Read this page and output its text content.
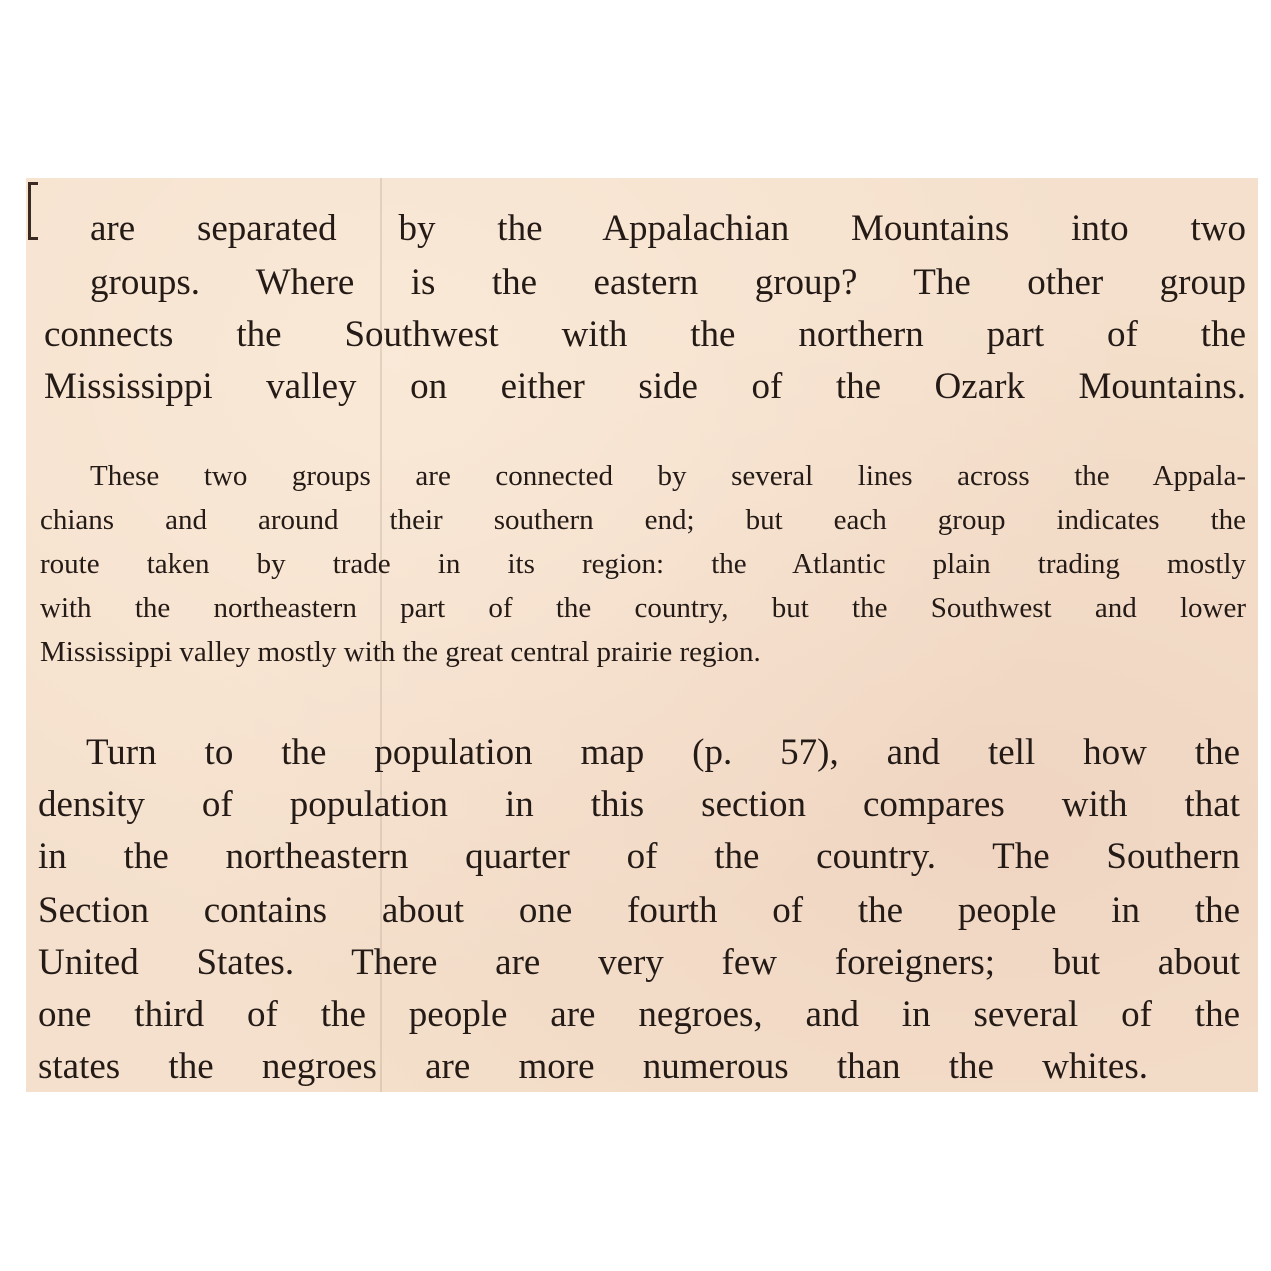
are separated by the Appalachian Mountains into two
groups. Where is the eastern group? The other group
connects the Southwest with the northern part of the
Mississippi valley on either side of the Ozark Mountains.
These two groups are connected by several lines across the Appala-
chians and around their southern end; but each group indicates the
route taken by trade in its region: the Atlantic plain trading mostly
with the northeastern part of the country, but the Southwest and lower
Mississippi valley mostly with the great central prairie region.
Turn to the population map (p. 57), and tell how the
density of population in this section compares with that
in the northeastern quarter of the country. The Southern
Section contains about one fourth of the people in the
United States. There are very few foreigners; but about
one third of the people are negroes, and in several of the
states the negroes are more numerous than the whites.
